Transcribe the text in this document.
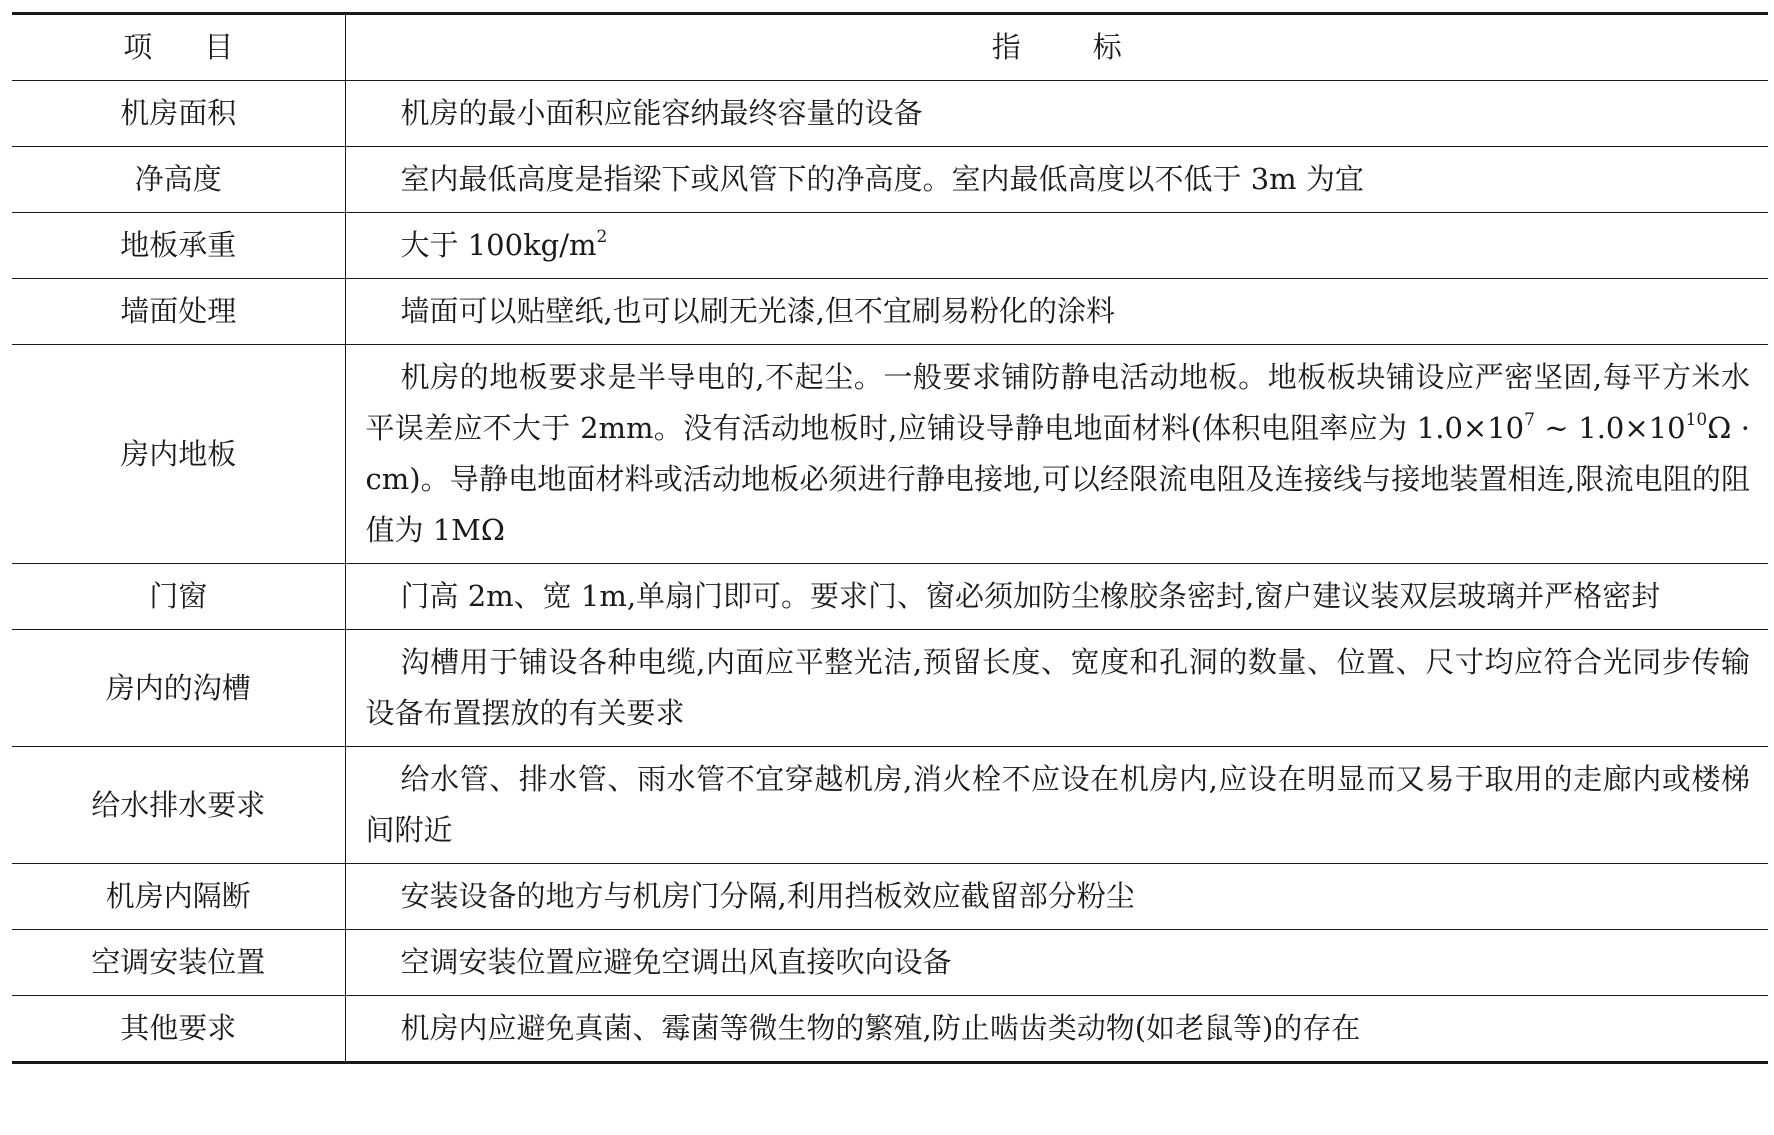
项目	指标
机房面积	机房的最小面积应能容纳最终容量的设备
净高度	室内最低高度是指梁下或风管下的净高度。室内最低高度以不低于 3m 为宜
地板承重	大于 $100kg/m^2$
墙面处理	墙面可以贴壁纸,也可以刷无光漆,但不宜刷易粉化的涂料
房内地板	机房的地板要求是半导电的,不起尘。一般要求铺防静电活动地板。地板板块铺设应严密坚固,每平方米水平误差应不大于 2mm。没有活动地板时,应铺设导静电地面材料(体积电阻率应为 $1.0\times 10^7$ ~ $1.0\times 10^{10}\Omega \cdot cm$)。导静电地面材料或活动地板必须进行静电接地,可以经限流电阻及连接线与接地装置相连,限流电阻的阻值为 1MΩ
门窗	门高 2m、宽 1m,单扇门即可。要求门、窗必须加防尘橡胶条密封,窗户建议装双层玻璃并严格密封
房内的沟槽	沟槽用于铺设各种电缆,内面应平整光洁,预留长度、宽度和孔洞的数量、位置、尺寸均应符合光同步传输设备布置摆放的有关要求
给水排水要求	给水管、排水管、雨水管不宜穿越机房,消火栓不应设在机房内,应设在明显而又易于取用的走廊内或楼梯间附近
机房内隔断	安装设备的地方与机房门分隔,利用挡板效应截留部分粉尘
空调安装位置	空调安装位置应避免空调出风直接吹向设备
其他要求	机房内应避免真菌、霉菌等微生物的繁殖,防止啮齿类动物(如老鼠等)的存在
